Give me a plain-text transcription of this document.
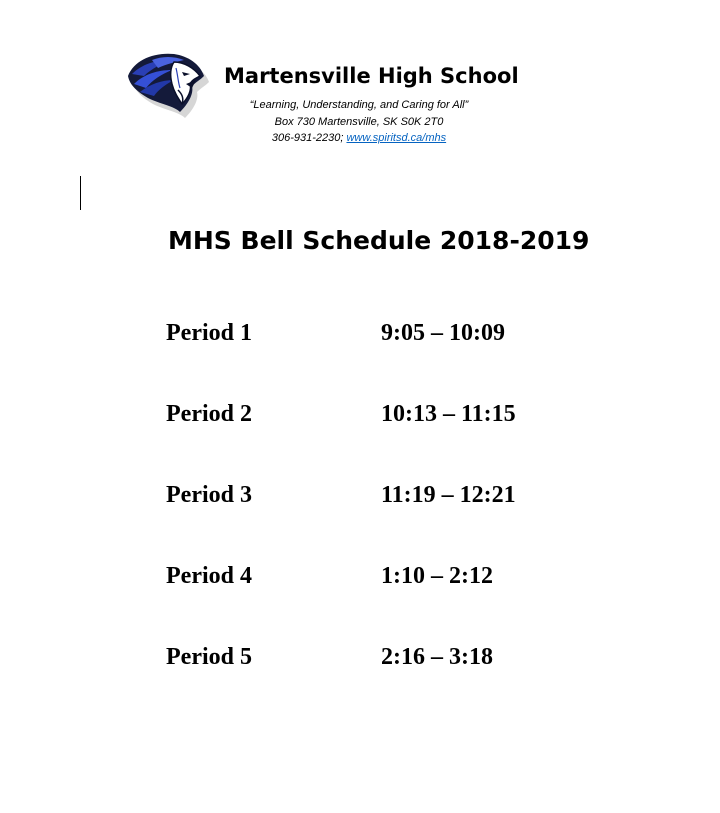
Martensville High School
“Learning, Understanding, and Caring for All”
Box 730 Martensville, SK S0K 2T0
306-931-2230; www.spiritsd.ca/mhs
MHS Bell Schedule 2018-2019
Period 1	9:05 – 10:09
Period 2	10:13 – 11:15
Period 3	11:19 – 12:21
Period 4	1:10 – 2:12
Period 5	2:16 – 3:18
